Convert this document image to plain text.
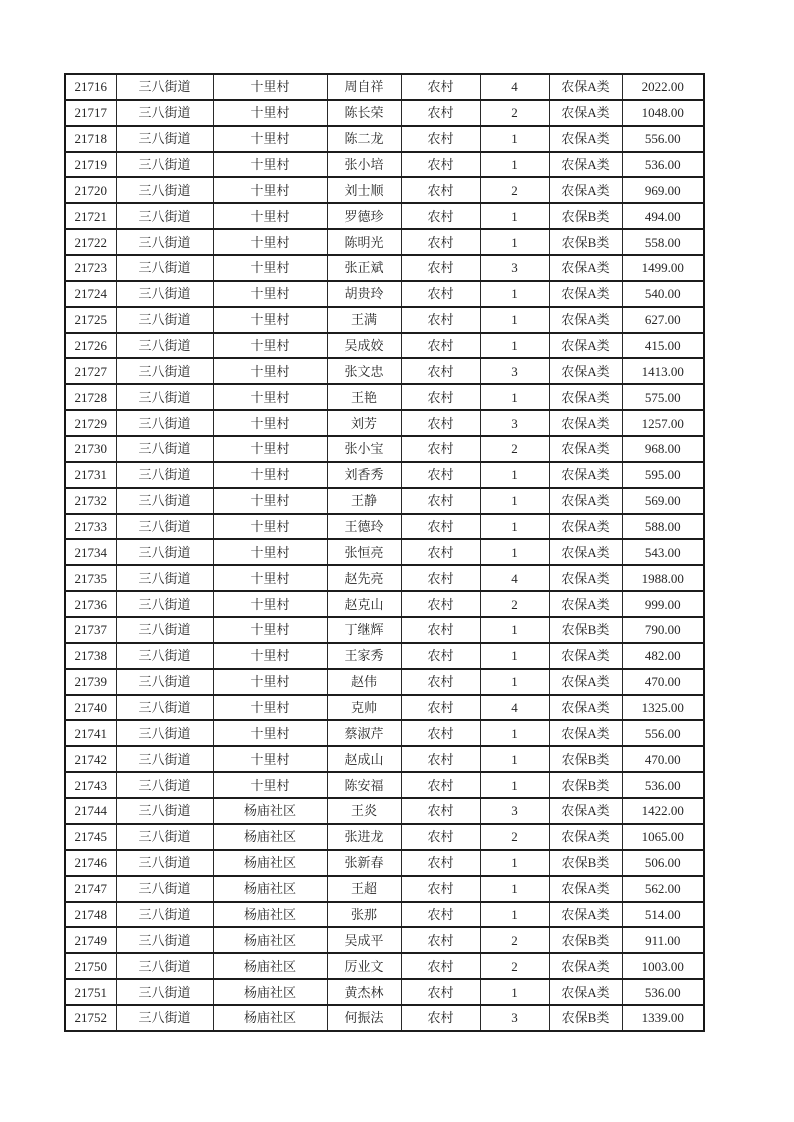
21716	三八街道	十里村	周自祥	农村	4	农保A类	2022.00
21717	三八街道	十里村	陈长荣	农村	2	农保A类	1048.00
21718	三八街道	十里村	陈二龙	农村	1	农保A类	556.00
21719	三八街道	十里村	张小培	农村	1	农保A类	536.00
21720	三八街道	十里村	刘士顺	农村	2	农保A类	969.00
21721	三八街道	十里村	罗德珍	农村	1	农保B类	494.00
21722	三八街道	十里村	陈明光	农村	1	农保B类	558.00
21723	三八街道	十里村	张正斌	农村	3	农保A类	1499.00
21724	三八街道	十里村	胡贵玲	农村	1	农保A类	540.00
21725	三八街道	十里村	王满	农村	1	农保A类	627.00
21726	三八街道	十里村	吴成姣	农村	1	农保A类	415.00
21727	三八街道	十里村	张文忠	农村	3	农保A类	1413.00
21728	三八街道	十里村	王艳	农村	1	农保A类	575.00
21729	三八街道	十里村	刘芳	农村	3	农保A类	1257.00
21730	三八街道	十里村	张小宝	农村	2	农保A类	968.00
21731	三八街道	十里村	刘香秀	农村	1	农保A类	595.00
21732	三八街道	十里村	王静	农村	1	农保A类	569.00
21733	三八街道	十里村	王德玲	农村	1	农保A类	588.00
21734	三八街道	十里村	张恒亮	农村	1	农保A类	543.00
21735	三八街道	十里村	赵先亮	农村	4	农保A类	1988.00
21736	三八街道	十里村	赵克山	农村	2	农保A类	999.00
21737	三八街道	十里村	丁继辉	农村	1	农保B类	790.00
21738	三八街道	十里村	王家秀	农村	1	农保A类	482.00
21739	三八街道	十里村	赵伟	农村	1	农保A类	470.00
21740	三八街道	十里村	克帅	农村	4	农保A类	1325.00
21741	三八街道	十里村	蔡淑芹	农村	1	农保A类	556.00
21742	三八街道	十里村	赵成山	农村	1	农保B类	470.00
21743	三八街道	十里村	陈安福	农村	1	农保B类	536.00
21744	三八街道	杨庙社区	王炎	农村	3	农保A类	1422.00
21745	三八街道	杨庙社区	张进龙	农村	2	农保A类	1065.00
21746	三八街道	杨庙社区	张新春	农村	1	农保B类	506.00
21747	三八街道	杨庙社区	王超	农村	1	农保A类	562.00
21748	三八街道	杨庙社区	张那	农村	1	农保A类	514.00
21749	三八街道	杨庙社区	吴成平	农村	2	农保B类	911.00
21750	三八街道	杨庙社区	厉业文	农村	2	农保A类	1003.00
21751	三八街道	杨庙社区	黄杰林	农村	1	农保A类	536.00
21752	三八街道	杨庙社区	何振法	农村	3	农保B类	1339.00
